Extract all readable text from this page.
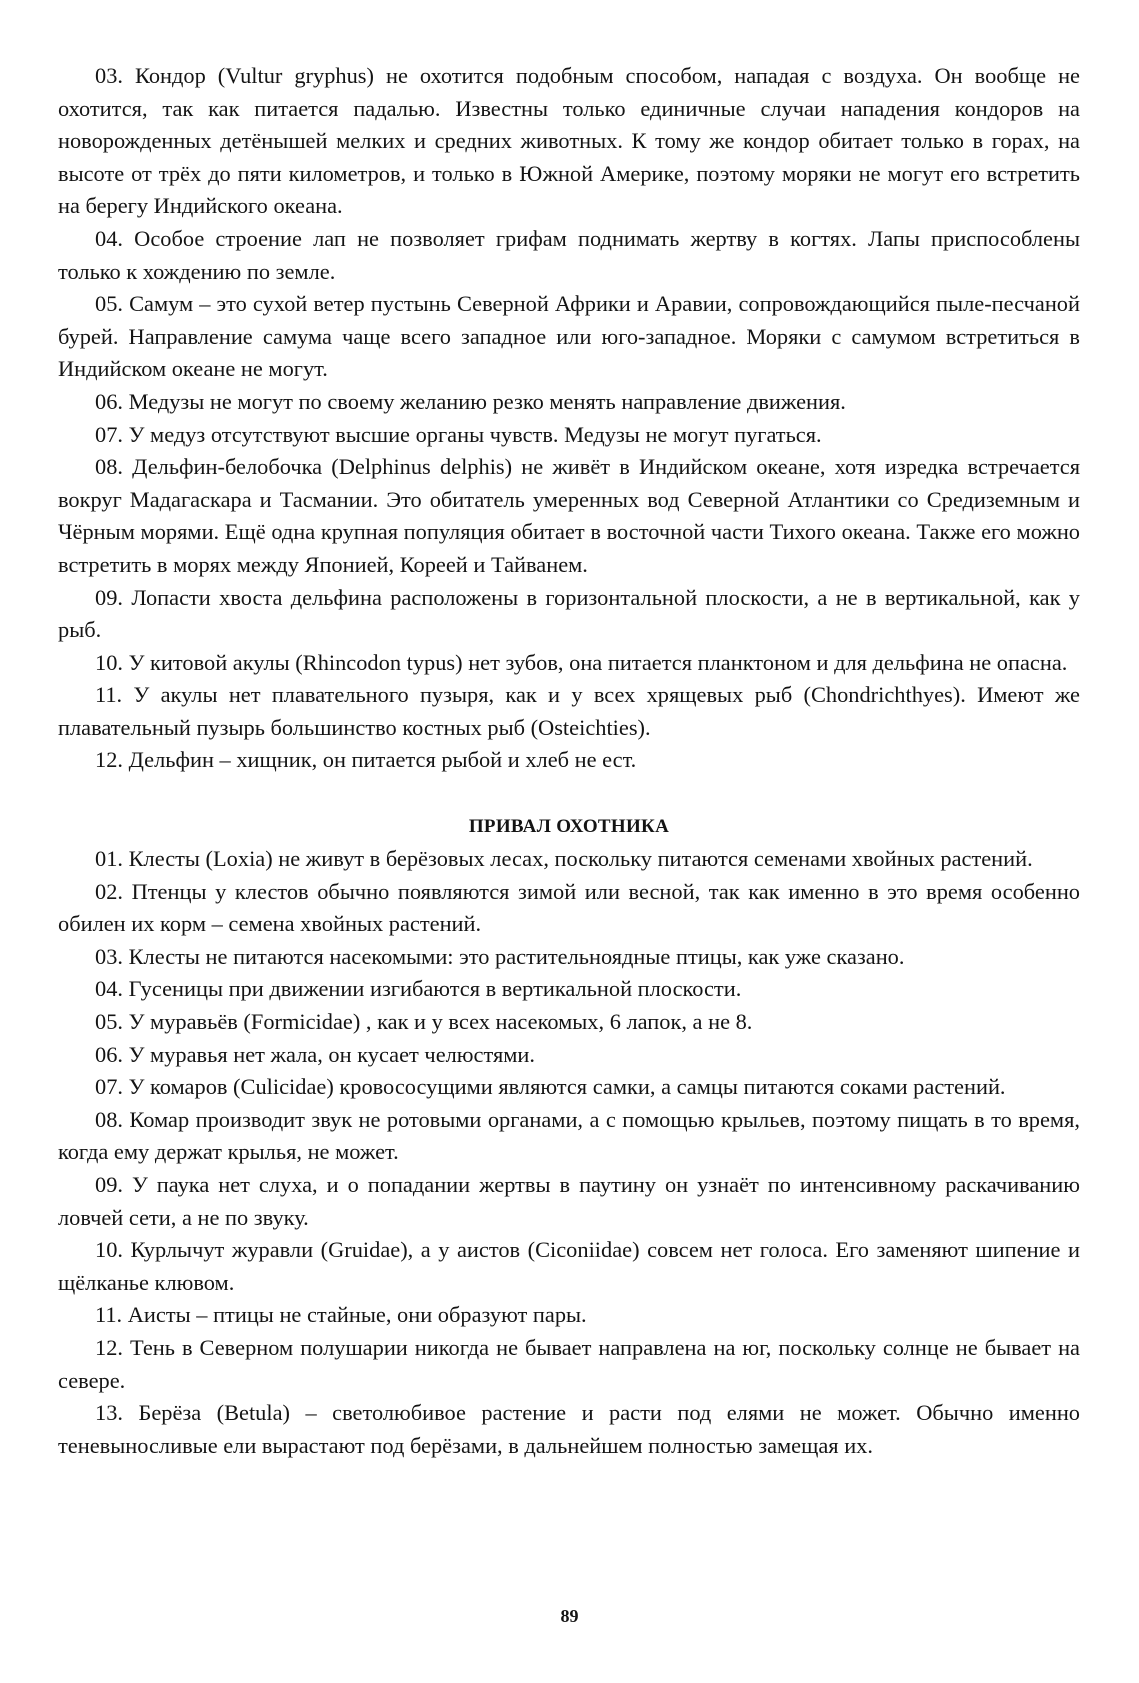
03. Кондор (Vultur gryphus) не охотится подобным способом, нападая с воздуха. Он вообще не охотится, так как питается падалью. Известны только единичные случаи нападения кондоров на новорожденных детёнышей мелких и средних животных. К тому же кондор обитает только в горах, на высоте от трёх до пяти километров, и только в Южной Америке, поэтому моряки не могут его встретить на берегу Индийского океана.

04. Особое строение лап не позволяет грифам поднимать жертву в когтях. Лапы приспособлены только к хождению по земле.

05. Самум – это сухой ветер пустынь Северной Африки и Аравии, сопровождающийся пыле-песчаной бурей. Направление самума чаще всего западное или юго-западное. Моряки с самумом встретиться в Индийском океане не могут.

06. Медузы не могут по своему желанию резко менять направление движения.

07. У медуз отсутствуют высшие органы чувств. Медузы не могут пугаться.

08. Дельфин-белобочка (Delphinus delphis) не живёт в Индийском океане, хотя изредка встречается вокруг Мадагаскара и Тасмании. Это обитатель умеренных вод Северной Атлантики со Средиземным и Чёрным морями. Ещё одна крупная популяция обитает в восточной части Тихого океана. Также его можно встретить в морях между Японией, Кореей и Тайванем.

09. Лопасти хвоста дельфина расположены в горизонтальной плоскости, а не в вертикальной, как у рыб.

10. У китовой акулы (Rhincodon typus) нет зубов, она питается планктоном и для дельфина не опасна.

11. У акулы нет плавательного пузыря, как и у всех хрящевых рыб (Chondrichthyes). Имеют же плавательный пузырь большинство костных рыб (Osteichties).

12. Дельфин – хищник, он питается рыбой и хлеб не ест.

ПРИВАЛ ОХОТНИКА

01. Клесты (Loxia) не живут в берёзовых лесах, поскольку питаются семенами хвойных растений.

02. Птенцы у клестов обычно появляются зимой или весной, так как именно в это время особенно обилен их корм – семена хвойных растений.

03. Клесты не питаются насекомыми: это растительноядные птицы, как уже сказано.

04. Гусеницы при движении изгибаются в вертикальной плоскости.

05. У муравьёв (Formicidae) , как и у всех насекомых, 6 лапок, а не 8.

06. У муравья нет жала, он кусает челюстями.

07. У комаров (Culicidae) кровососущими являются самки, а самцы питаются соками растений.

08. Комар производит звук не ротовыми органами, а с помощью крыльев, поэтому пищать в то время, когда ему держат крылья, не может.

09. У паука нет слуха, и о попадании жертвы в паутину он узнаёт по интенсивному раскачиванию ловчей сети, а не по звуку.

10. Курлычут журавли (Gruidae), а у аистов (Ciconiidae) совсем нет голоса. Его заменяют шипение и щёлканье клювом.

11. Аисты – птицы не стайные, они образуют пары.

12. Тень в Северном полушарии никогда не бывает направлена на юг, поскольку солнце не бывает на севере.

13. Берёза (Betula) – светолюбивое растение и расти под елями не может. Обычно именно теневыносливые ели вырастают под берёзами, в дальнейшем полностью замещая их.

89
